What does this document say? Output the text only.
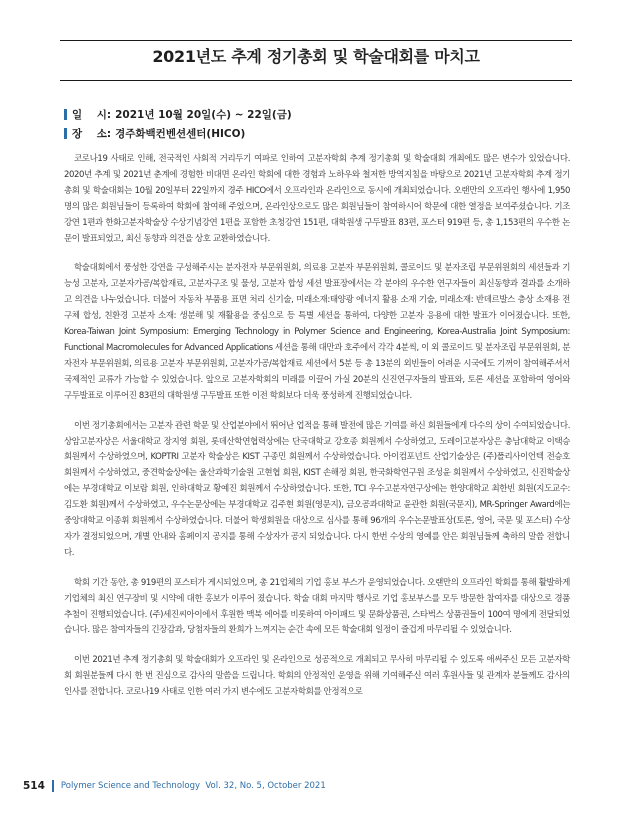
2021년도 추계 정기총회 및 학술대회를 마치고
일    시: 2021년 10월 20일(수) ~ 22일(금)
장    소: 경주화백컨벤션센터(HICO)

코로나19 사태로 인해, 전국적인 사회적 거리두기 여파로 인하여 고분자학회 추계 정기총회 및 학술대회 개최에도 많은 변수가 있었습니다. 2020년 추계 및 2021년 춘계에 경험한 비대면 온라인 학회에 대한 경험과 노하우와 철저한 방역지침을 바탕으로 2021년 고분자학회 추계 정기총회 및 학술대회는 10월 20일부터 22일까지 경주 HICO에서 오프라인과 온라인으로 동시에 개최되었습니다. 오랜만의 오프라인 행사에 1,950명의 많은 회원님들이 등록하여 학회에 참여해 주었으며, 온라인상으로도 많은 회원님들이 참여하시어 학문에 대한 열정을 보여주셨습니다. 기조강연 1편과 한화고분자학술상 수상기념강연 1편을 포함한 초청강연 151편, 대학원생 구두발표 83편, 포스터 919편 등, 총 1,153편의 우수한 논문이 발표되었고, 최신 동향과 의견을 상호 교환하였습니다.

학술대회에서 풍성한 강연을 구성해주시는 분자전자 부문위원회, 의료용 고분자 부문위원회, 콜로이드 및 분자조립 부문위원회의 세션들과 기능성 고분자, 고분자가공/복합재료, 고분자구조 및 물성, 고분자 합성 세션 발표장에서는 각 분야의 우수한 연구자들이 최신동향과 결과를 소개하고 의견을 나누었습니다. 더불어 자동차 부품용 표면 처리 신기술, 미래소재:태양광 에너지 활용 소재 기술, 미래소재: 반데르발스 층상 소재용 전구체 합성, 친환경 고분자 소재: 생분해 및 재활용을 중심으로 등 특별 세션을 통하여, 다양한 고분자 응용에 대한 발표가 이어졌습니다. 또한, Korea-Taiwan Joint Symposium: Emerging Technology in Polymer Science and Engineering, Korea-Australia Joint Symposium: Functional Macromolecules for Advanced Applications 세션을 통해 대만과 호주에서 각각 4분씩, 이 외 콜로이드 및 분자조립 부문위원회, 분자전자 부문위원회, 의료용 고분자 부문위원회, 고분자가공/복합재료 세션에서 5분 등 총 13분의 외빈들이 어려운 시국에도 기꺼이 참여해주셔서 국제적인 교류가 가능할 수 있었습니다. 앞으로 고분자학회의 미래를 이끌어 가실 20분의 신진연구자들의 발표와, 토론 세션을 포함하여 영어와 구두발표로 이루어진 83편의 대학원생 구두발표 또한 이전 학회보다 더욱 풍성하게 진행되었습니다.

이번 정기총회에서는 고분자 관련 학문 및 산업분야에서 뛰어난 업적을 통해 발전에 많은 기여를 하신 회원들에게 다수의 상이 수여되었습니다. 상암고분자상은 서울대학교 장지영 회원, 롯데산학연협력상에는 단국대학교 강호종 회원께서 수상하였고, 도레이고분자상은 충남대학교 이택승 회원께서 수상하였으며, KOPTRI 고분자 학술상은 KIST 구종민 회원께서 수상하였습니다. 아이컴포넌트 산업기술상은 (주)폴리사이언텍 전승호 회원께서 수상하였고, 중견학술상에는 울산과학기술원 고현협 회원, KIST 손해정 회원, 한국화학연구원 조성윤 회원께서 수상하였고, 신진학술상에는 부경대학교 이보람 회원, 인하대학교 황예진 회원께서 수상하였습니다. 또한, TCI 우수고분자연구상에는 한양대학교 최한빈 회원(지도교수: 김도환 회원)께서 수상하였고, 우수논문상에는 부경대학교 김주현 회원(영문지), 금오공과대학교 윤관한 회원(국문지), MR-Springer Award에는 중앙대학교 이종휘 회원께서 수상하였습니다. 더불어 학생회원을 대상으로 심사를 통해 96개의 우수논문발표상(토론, 영어, 국문 및 포스터) 수상자가 결정되었으며, 개별 안내와 홈페이지 공지를 통해 수상자가 공지 되었습니다. 다시 한번 수상의 영예를 안은 회원님들께 축하의 말씀 전합니다.

학회 기간 동안, 총 919편의 포스터가 게시되었으며, 총 21업체의 기업 홍보 부스가 운영되었습니다. 오랜만의 오프라인 학회를 통해 활발하게 기업체의 최신 연구장비 및 시약에 대한 홍보가 이루어 졌습니다. 학술 대회 마지막 행사로 기업 홍보부스를 모두 방문한 참여자를 대상으로 경품 추첨이 진행되었습니다. (주)세진씨아이에서 후원한 맥북 에어를 비롯하여 아이패드 및 문화상품권, 스타벅스 상품권들이 100여 명에게 전달되었습니다. 많은 참여자들의 긴장감과, 당첨자들의 환희가 느껴지는 순간 속에 모든 학술대회 일정이 즐겁게 마무리될 수 있었습니다.

이번 2021년 추계 정기총회 및 학술대회가 오프라인 및 온라인으로 성공적으로 개최되고 무사히 마무리될 수 있도록 애써주신 모든 고분자학회 회원분들께 다시 한 번 진심으로 감사의 말씀을 드립니다. 학회의 안정적인 운영을 위해 기여해주신 여러 후원사들 및 관계자 분들께도 감사의 인사를 전합니다. 코로나19 사태로 인한 여러 가지 변수에도 고분자학회를 안정적으로

514	Polymer Science and Technology  Vol. 32, No. 5, October 2021
